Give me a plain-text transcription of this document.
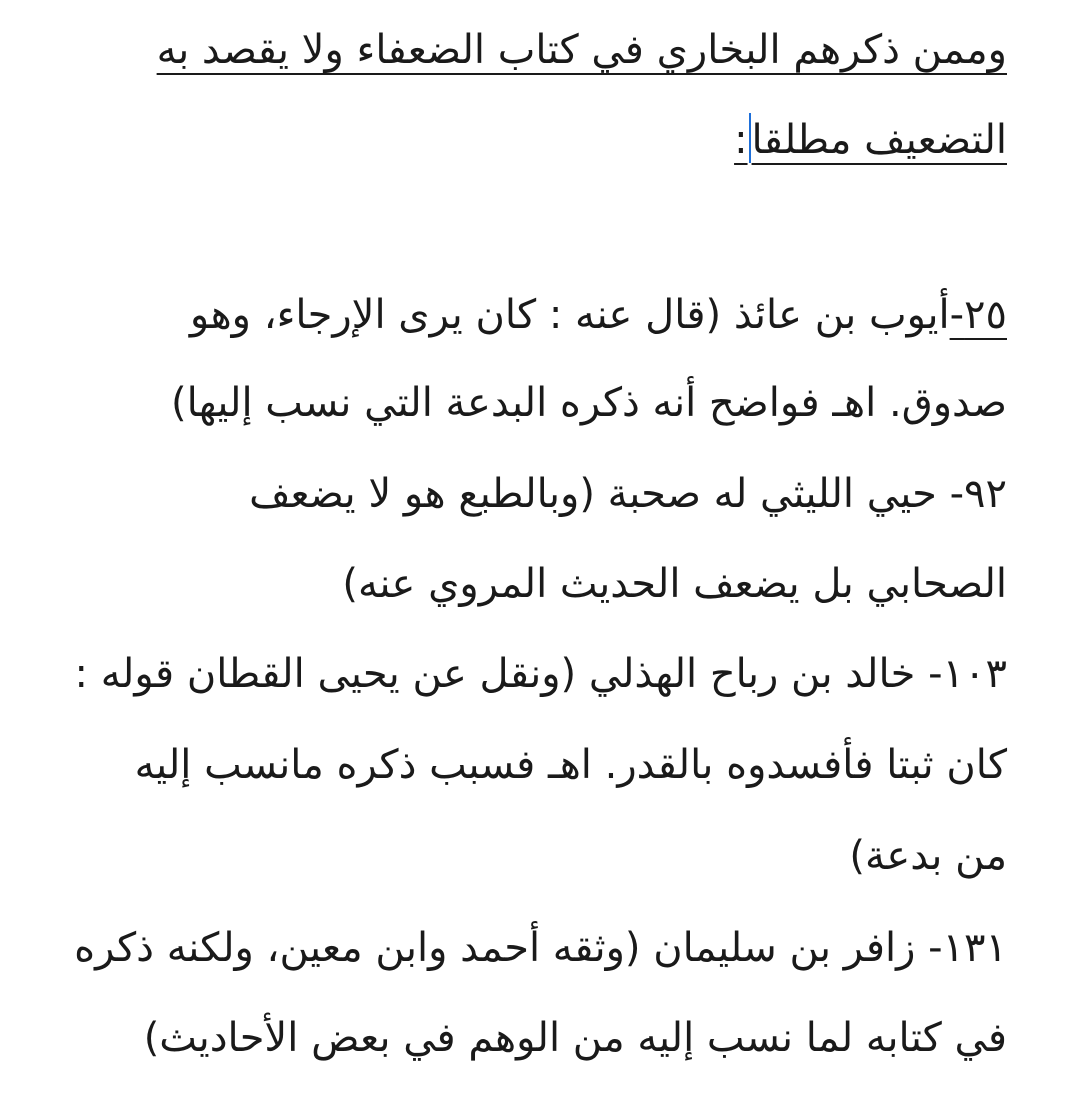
وممن ذكرهم البخاري في كتاب الضعفاء ولا يقصد به
التضعيف مطلقا:
٢٥-أيوب بن عائذ (قال عنه : كان يرى الإرجاء، وهو
صدوق. اهـ فواضح أنه ذكره البدعة التي نسب إليها)
٩٢- حيي الليثي له صحبة (وبالطبع هو لا يضعف
الصحابي بل يضعف الحديث المروي عنه)
١٠٣- خالد بن رباح الهذلي (ونقل عن يحيى القطان قوله :
كان ثبتا فأفسدوه بالقدر. اهـ فسبب ذكره مانسب إليه
من بدعة)
١٣١- زافر بن سليمان (وثقه أحمد وابن معين، ولكنه ذكره
في كتابه لما نسب إليه من الوهم في بعض الأحاديث)
